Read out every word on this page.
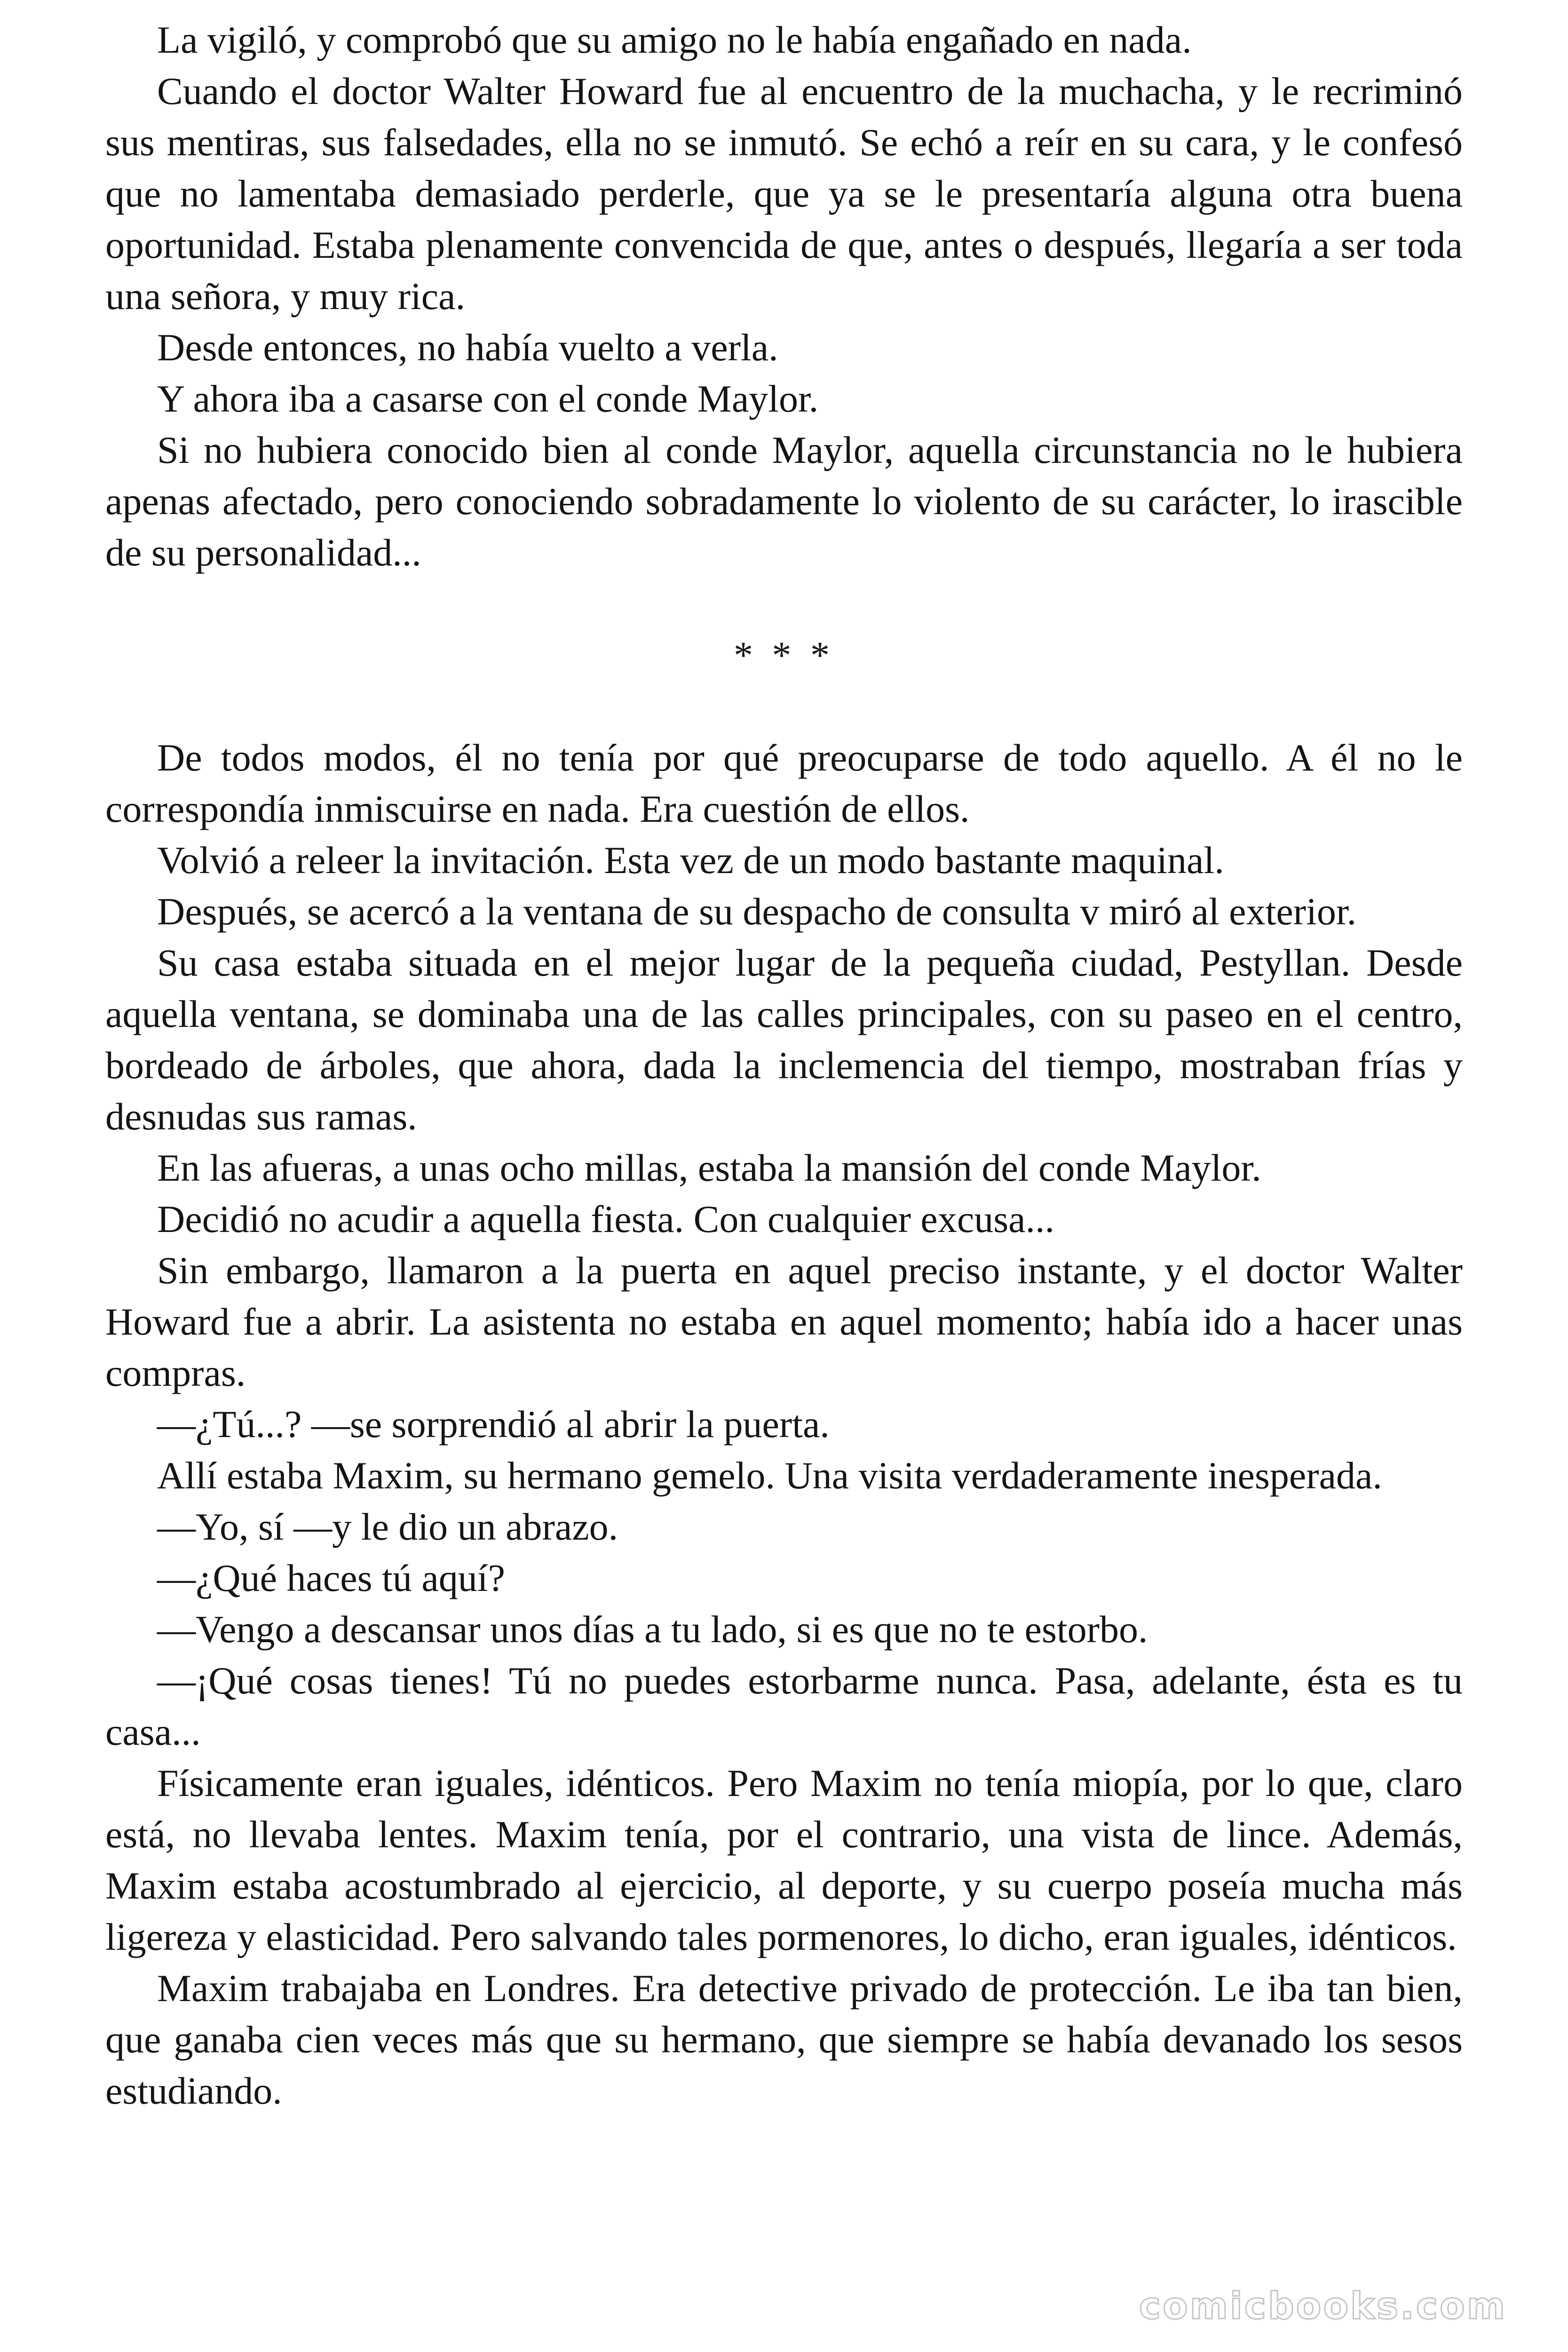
La vigiló, y comprobó que su amigo no le había engañado en nada.

Cuando el doctor Walter Howard fue al encuentro de la muchacha, y le recriminó sus mentiras, sus falsedades, ella no se inmutó. Se echó a reír en su cara, y le confesó que no lamentaba demasiado perderle, que ya se le presentaría alguna otra buena oportunidad. Estaba plenamente convencida de que, antes o después, llegaría a ser toda una señora, y muy rica.

Desde entonces, no había vuelto a verla.

Y ahora iba a casarse con el conde Maylor.

Si no hubiera conocido bien al conde Maylor, aquella circunstancia no le hubiera apenas afectado, pero conociendo sobradamente lo violento de su carácter, lo irascible de su personalidad...

* * *

De todos modos, él no tenía por qué preocuparse de todo aquello. A él no le correspondía inmiscuirse en nada. Era cuestión de ellos.

Volvió a releer la invitación. Esta vez de un modo bastante maquinal.

Después, se acercó a la ventana de su despacho de consulta v miró al exterior.

Su casa estaba situada en el mejor lugar de la pequeña ciudad, Pestyllan. Desde aquella ventana, se dominaba una de las calles principales, con su paseo en el centro, bordeado de árboles, que ahora, dada la inclemencia del tiempo, mostraban frías y desnudas sus ramas.

En las afueras, a unas ocho millas, estaba la mansión del conde Maylor.

Decidió no acudir a aquella fiesta. Con cualquier excusa...

Sin embargo, llamaron a la puerta en aquel preciso instante, y el doctor Walter Howard fue a abrir. La asistenta no estaba en aquel momento; había ido a hacer unas compras.

—¿Tú...? —se sorprendió al abrir la puerta.

Allí estaba Maxim, su hermano gemelo. Una visita verdaderamente inesperada.

—Yo, sí —y le dio un abrazo.

—¿Qué haces tú aquí?

—Vengo a descansar unos días a tu lado, si es que no te estorbo.

—¡Qué cosas tienes! Tú no puedes estorbarme nunca. Pasa, adelante, ésta es tu casa...

Físicamente eran iguales, idénticos. Pero Maxim no tenía miopía, por lo que, claro está, no llevaba lentes. Maxim tenía, por el contrario, una vista de lince. Además, Maxim estaba acostumbrado al ejercicio, al deporte, y su cuerpo poseía mucha más ligereza y elasticidad. Pero salvando tales pormenores, lo dicho, eran iguales, idénticos.

Maxim trabajaba en Londres. Era detective privado de protección. Le iba tan bien, que ganaba cien veces más que su hermano, que siempre se había devanado los sesos estudiando.

comicbooks.com
